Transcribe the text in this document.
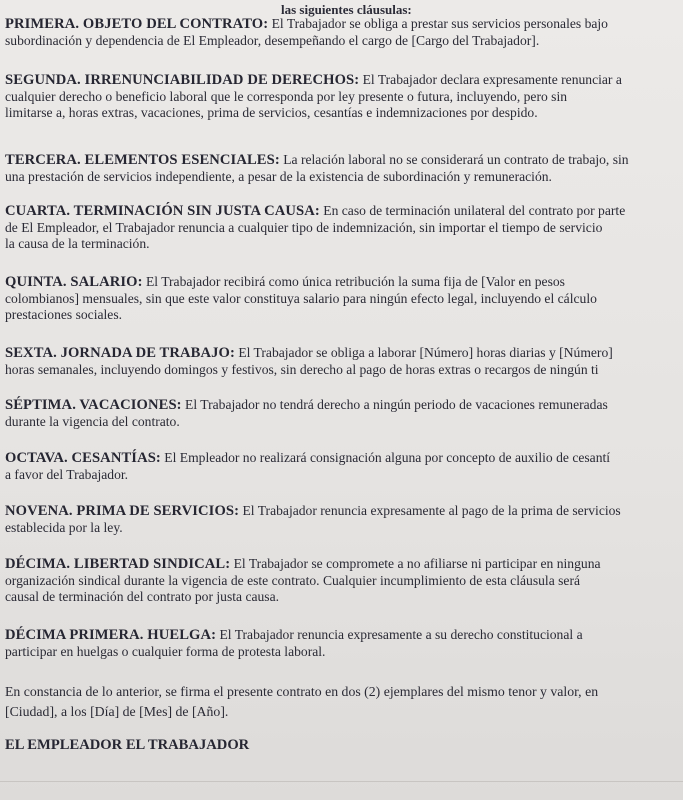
las siguientes cláusulas:
PRIMERA. OBJETO DEL CONTRATO: El Trabajador se obliga a prestar sus servicios personales bajo
subordinación y dependencia de El Empleador, desempeñando el cargo de [Cargo del Trabajador].
SEGUNDA. IRRENUNCIABILIDAD DE DERECHOS: El Trabajador declara expresamente renunciar a
cualquier derecho o beneficio laboral que le corresponda por ley presente o futura, incluyendo, pero sin
limitarse a, horas extras, vacaciones, prima de servicios, cesantías e indemnizaciones por despido.
TERCERA. ELEMENTOS ESENCIALES: La relación laboral no se considerará un contrato de trabajo, sin
una prestación de servicios independiente, a pesar de la existencia de subordinación y remuneración.
CUARTA. TERMINACIÓN SIN JUSTA CAUSA: En caso de terminación unilateral del contrato por parte
de El Empleador, el Trabajador renuncia a cualquier tipo de indemnización, sin importar el tiempo de servicio
la causa de la terminación.
QUINTA. SALARIO: El Trabajador recibirá como única retribución la suma fija de [Valor en pesos
colombianos] mensuales, sin que este valor constituya salario para ningún efecto legal, incluyendo el cálculo
prestaciones sociales.
SEXTA. JORNADA DE TRABAJO: El Trabajador se obliga a laborar [Número] horas diarias y [Número]
horas semanales, incluyendo domingos y festivos, sin derecho al pago de horas extras o recargos de ningún ti
SÉPTIMA. VACACIONES: El Trabajador no tendrá derecho a ningún periodo de vacaciones remuneradas
durante la vigencia del contrato.
OCTAVA. CESANTÍAS: El Empleador no realizará consignación alguna por concepto de auxilio de cesantí
a favor del Trabajador.
NOVENA. PRIMA DE SERVICIOS: El Trabajador renuncia expresamente al pago de la prima de servicios
establecida por la ley.
DÉCIMA. LIBERTAD SINDICAL: El Trabajador se compromete a no afiliarse ni participar en ninguna
organización sindical durante la vigencia de este contrato. Cualquier incumplimiento de esta cláusula será
causal de terminación del contrato por justa causa.
DÉCIMA PRIMERA. HUELGA: El Trabajador renuncia expresamente a su derecho constitucional a
participar en huelgas o cualquier forma de protesta laboral.
En constancia de lo anterior, se firma el presente contrato en dos (2) ejemplares del mismo tenor y valor, en
[Ciudad], a los [Día] de [Mes] de [Año].
EL EMPLEADOR EL TRABAJADOR
